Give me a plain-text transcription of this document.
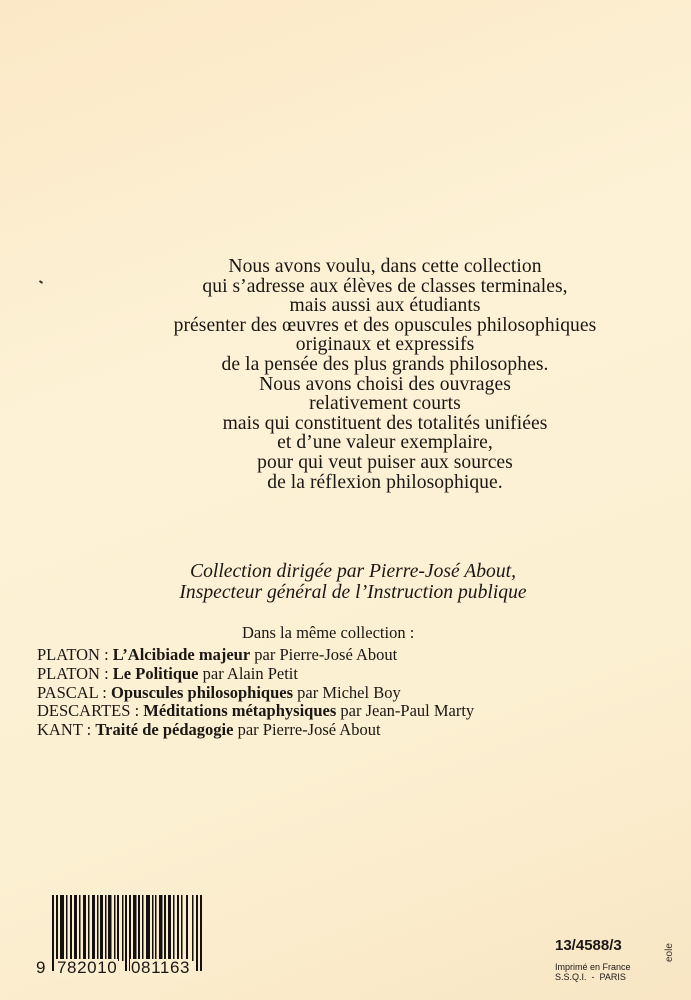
Nous avons voulu, dans cette collection
qui s’adresse aux élèves de classes terminales,
mais aussi aux étudiants
présenter des œuvres et des opuscules philosophiques
originaux et expressifs
de la pensée des plus grands philosophes.
Nous avons choisi des ouvrages
relativement courts
mais qui constituent des totalités unifiées
et d’une valeur exemplaire,
pour qui veut puiser aux sources
de la réflexion philosophique.
Collection dirigée par Pierre-José About,
Inspecteur général de l’Instruction publique
Dans la même collection :
PLATON : L’Alcibiade majeur par Pierre-José About
PLATON : Le Politique par Alain Petit
PASCAL : Opuscules philosophiques par Michel Boy
DESCARTES : Méditations métaphysiques par Jean-Paul Marty
KANT : Traité de pédagogie par Pierre-José About
9 782010 081163
13/4588/3
Imprimé en France
S.S.Q.I.  -  PARIS
eole
